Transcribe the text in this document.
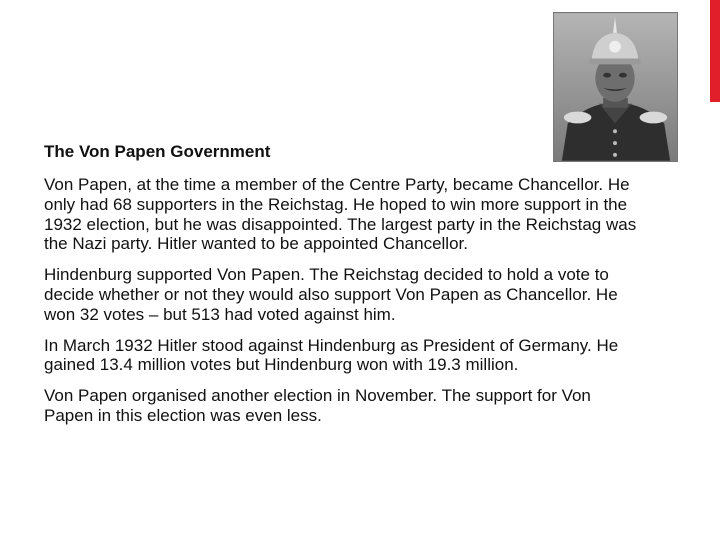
The Von Papen Government

Von Papen, at the time a member of the Centre Party, became Chancellor. He only had 68 supporters in the Reichstag. He hoped to win more support in the 1932 election, but he was disappointed. The largest party in the Reichstag was the Nazi party. Hitler wanted to be appointed Chancellor.

Hindenburg supported Von Papen. The Reichstag decided to hold a vote to decide whether or not they would also support Von Papen as Chancellor. He won 32 votes – but 513 had voted against him.

In March 1932 Hitler stood against Hindenburg as President of Germany. He gained 13.4 million votes but Hindenburg won with 19.3 million.

Von Papen organised another election in November. The support for Von Papen in this election was even less.
